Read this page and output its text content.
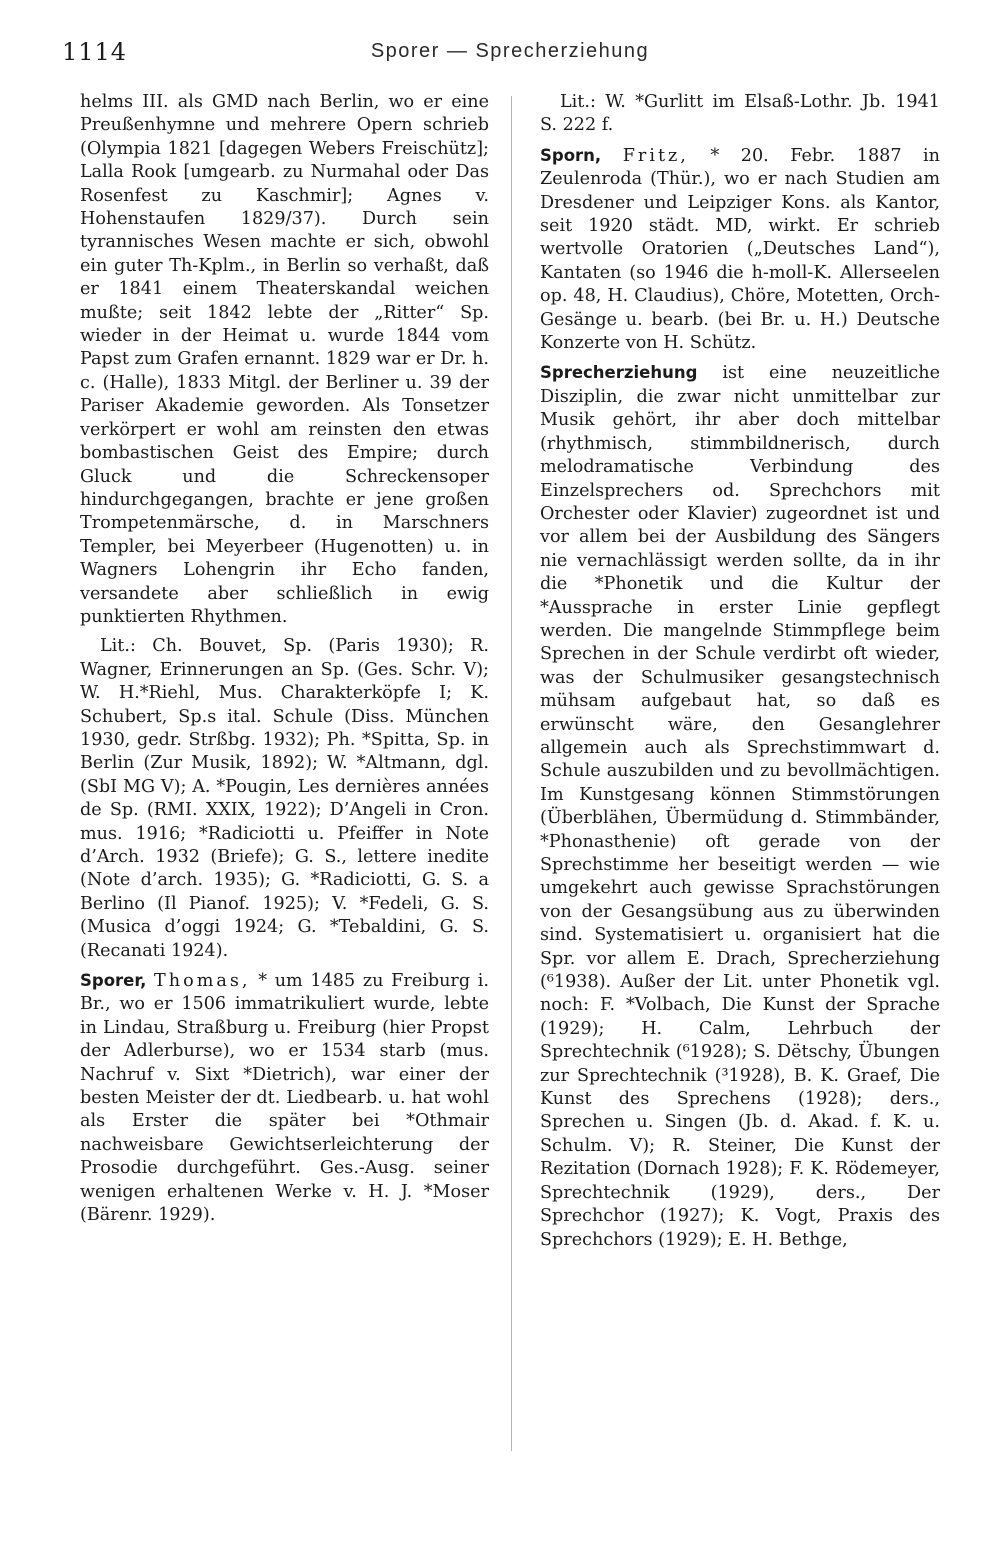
1114	Sporer — Sprecherziehung

helms III. als GMD nach Berlin, wo er eine Preußenhymne und mehrere Opern schrieb (Olympia 1821 [dagegen Webers Freischütz]; Lalla Rook [umgearb. zu Nurmahal oder Das Rosenfest zu Kaschmir]; Agnes v. Hohenstaufen 1829/37). Durch sein tyrannisches Wesen machte er sich, obwohl ein guter Th-Kplm., in Berlin so verhaßt, daß er 1841 einem Theaterskandal weichen mußte; seit 1842 lebte der „Ritter“ Sp. wieder in der Heimat u. wurde 1844 vom Papst zum Grafen ernannt. 1829 war er Dr. h. c. (Halle), 1833 Mitgl. der Berliner u. 39 der Pariser Akademie geworden. Als Tonsetzer verkörpert er wohl am reinsten den etwas bombastischen Geist des Empire; durch Gluck und die Schreckensoper hindurchgegangen, brachte er jene großen Trompetenmärsche, d. in Marschners Templer, bei Meyerbeer (Hugenotten) u. in Wagners Lohengrin ihr Echo fanden, versandete aber schließlich in ewig punktierten Rhythmen.

Lit.: Ch. Bouvet, Sp. (Paris 1930); R. Wagner, Erinnerungen an Sp. (Ges. Schr. V); W. H.*Riehl, Mus. Charakterköpfe I; K. Schubert, Sp.s ital. Schule (Diss. München 1930, gedr. Strßbg. 1932); Ph. *Spitta, Sp. in Berlin (Zur Musik, 1892); W. *Altmann, dgl. (SbI MG V); A. *Pougin, Les dernières années de Sp. (RMI. XXIX, 1922); D’Angeli in Cron. mus. 1916; *Radiciotti u. Pfeiffer in Note d’Arch. 1932 (Briefe); G. S., lettere inedite (Note d’arch. 1935); G. *Radiciotti, G. S. a Berlino (Il Pianof. 1925); V. *Fedeli, G. S. (Musica d’oggi 1924; G. *Tebaldini, G. S. (Recanati 1924).

Sporer, Thomas, * um 1485 zu Freiburg i. Br., wo er 1506 immatrikuliert wurde, lebte in Lindau, Straßburg u. Freiburg (hier Propst der Adlerburse), wo er 1534 starb (mus. Nachruf v. Sixt *Dietrich), war einer der besten Meister der dt. Liedbearb. u. hat wohl als Erster die später bei *Othmair nachweisbare Gewichtserleichterung der Prosodie durchgeführt. Ges.-Ausg. seiner wenigen erhaltenen Werke v. H. J. *Moser (Bärenr. 1929).

Lit.: W. *Gurlitt im Elsaß-Lothr. Jb. 1941 S. 222 f.

Sporn, Fritz, * 20. Febr. 1887 in Zeulenroda (Thür.), wo er nach Studien am Dresdener und Leipziger Kons. als Kantor, seit 1920 städt. MD, wirkt. Er schrieb wertvolle Oratorien („Deutsches Land“), Kantaten (so 1946 die h-moll-K. Allerseelen op. 48, H. Claudius), Chöre, Motetten, Orch-Gesänge u. bearb. (bei Br. u. H.) Deutsche Konzerte von H. Schütz.

Sprecherziehung ist eine neuzeitliche Disziplin, die zwar nicht unmittelbar zur Musik gehört, ihr aber doch mittelbar (rhythmisch, stimmbildnerisch, durch melodramatische Verbindung des Einzelsprechers od. Sprechchors mit Orchester oder Klavier) zugeordnet ist und vor allem bei der Ausbildung des Sängers nie vernachlässigt werden sollte, da in ihr die *Phonetik und die Kultur der *Aussprache in erster Linie gepflegt werden. Die mangelnde Stimmpflege beim Sprechen in der Schule verdirbt oft wieder, was der Schulmusiker gesangstechnisch mühsam aufgebaut hat, so daß es erwünscht wäre, den Gesanglehrer allgemein auch als Sprechstimmwart d. Schule auszubilden und zu bevollmächtigen. Im Kunstgesang können Stimmstörungen (Überblähen, Übermüdung d. Stimmbänder, *Phonasthenie) oft gerade von der Sprechstimme her beseitigt werden — wie umgekehrt auch gewisse Sprachstörungen von der Gesangsübung aus zu überwinden sind. Systematisiert u. organisiert hat die Spr. vor allem E. Drach, Sprecherziehung (⁶1938). Außer der Lit. unter Phonetik vgl. noch: F. *Volbach, Die Kunst der Sprache (1929); H. Calm, Lehrbuch der Sprechtechnik (⁶1928); S. Dëtschy, Übungen zur Sprechtechnik (³1928), B. K. Graef, Die Kunst des Sprechens (1928); ders., Sprechen u. Singen (Jb. d. Akad. f. K. u. Schulm. V); R. Steiner, Die Kunst der Rezitation (Dornach 1928); F. K. Rödemeyer, Sprechtechnik (1929), ders., Der Sprechchor (1927); K. Vogt, Praxis des Sprechchors (1929); E. H. Bethge,
